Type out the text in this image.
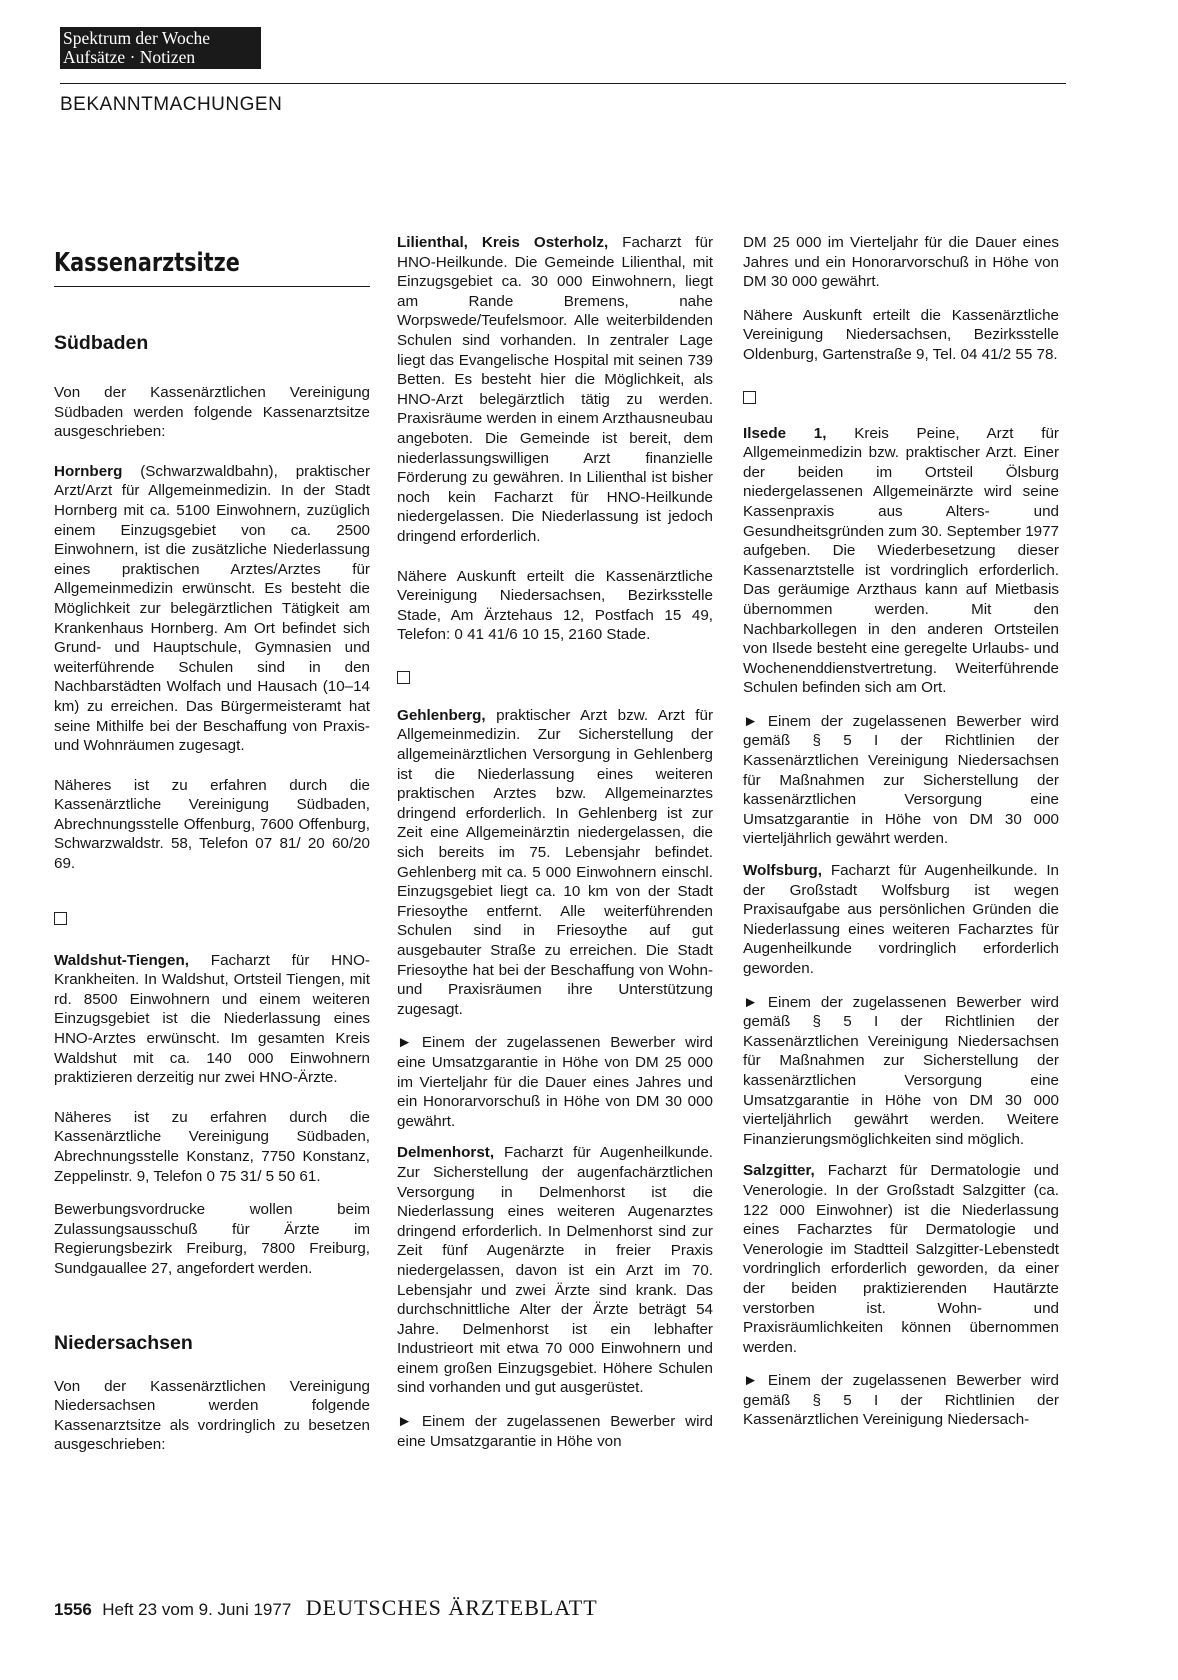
Spektrum der Woche
Aufsätze · Notizen
BEKANNTMACHUNGEN
Kassenarztsitze
Südbaden

Von der Kassenärztlichen Vereinigung Südbaden werden folgende Kassenarztsitze ausgeschrieben:

Hornberg (Schwarzwaldbahn), praktischer Arzt/Arzt für Allgemeinmedizin. In der Stadt Hornberg mit ca. 5100 Einwohnern, zuzüglich einem Einzugsgebiet von ca. 2500 Einwohnern, ist die zusätzliche Niederlassung eines praktischen Arztes/Arztes für Allgemeinmedizin erwünscht. Es besteht die Möglichkeit zur belegärztlichen Tätigkeit am Krankenhaus Hornberg. Am Ort befindet sich Grund- und Hauptschule, Gymnasien und weiterführende Schulen sind in den Nachbarstädten Wolfach und Hausach (10–14 km) zu erreichen. Das Bürgermeisteramt hat seine Mithilfe bei der Beschaffung von Praxis- und Wohnräumen zugesagt.

Näheres ist zu erfahren durch die Kassenärztliche Vereinigung Südbaden, Abrechnungsstelle Offenburg, 7600 Offenburg, Schwarzwaldstr. 58, Telefon 07 81/ 20 60/20 69.

Waldshut-Tiengen, Facharzt für HNO-Krankheiten. In Waldshut, Ortsteil Tiengen, mit rd. 8500 Einwohnern und einem weiteren Einzugsgebiet ist die Niederlassung eines HNO-Arztes erwünscht. Im gesamten Kreis Waldshut mit ca. 140 000 Einwohnern praktizieren derzeitig nur zwei HNO-Ärzte.

Näheres ist zu erfahren durch die Kassenärztliche Vereinigung Südbaden, Abrechnungsstelle Konstanz, 7750 Konstanz, Zeppelinstr. 9, Telefon 0 75 31/ 5 50 61.

Bewerbungsvordrucke wollen beim Zulassungsausschuß für Ärzte im Regierungsbezirk Freiburg, 7800 Freiburg, Sundgauallee 27, angefordert werden.

Niedersachsen

Von der Kassenärztlichen Vereinigung Niedersachsen werden folgende Kassenarztsitze als vordringlich zu besetzen ausgeschrieben:

Lilienthal, Kreis Osterholz, Facharzt für HNO-Heilkunde. Die Gemeinde Lilienthal, mit Einzugsgebiet ca. 30 000 Einwohnern, liegt am Rande Bremens, nahe Worpswede/Teufelsmoor. Alle weiterbildenden Schulen sind vorhanden. In zentraler Lage liegt das Evangelische Hospital mit seinen 739 Betten. Es besteht hier die Möglichkeit, als HNO-Arzt belegärztlich tätig zu werden. Praxisräume werden in einem Arzthausneubau angeboten. Die Gemeinde ist bereit, dem niederlassungswilligen Arzt finanzielle Förderung zu gewähren. In Lilienthal ist bisher noch kein Facharzt für HNO-Heilkunde niedergelassen. Die Niederlassung ist jedoch dringend erforderlich.

Nähere Auskunft erteilt die Kassenärztliche Vereinigung Niedersachsen, Bezirksstelle Stade, Am Ärztehaus 12, Postfach 15 49, Telefon: 0 41 41/6 10 15, 2160 Stade.

Gehlenberg, praktischer Arzt bzw. Arzt für Allgemeinmedizin. Zur Sicherstellung der allgemeinärztlichen Versorgung in Gehlenberg ist die Niederlassung eines weiteren praktischen Arztes bzw. Allgemeinarztes dringend erforderlich. In Gehlenberg ist zur Zeit eine Allgemeinärztin niedergelassen, die sich bereits im 75. Lebensjahr befindet. Gehlenberg mit ca. 5 000 Einwohnern einschl. Einzugsgebiet liegt ca. 10 km von der Stadt Friesoythe entfernt. Alle weiterführenden Schulen sind in Friesoythe auf gut ausgebauter Straße zu erreichen. Die Stadt Friesoythe hat bei der Beschaffung von Wohn- und Praxisräumen ihre Unterstützung zugesagt.

► Einem der zugelassenen Bewerber wird eine Umsatzgarantie in Höhe von DM 25 000 im Vierteljahr für die Dauer eines Jahres und ein Honorarvorschuß in Höhe von DM 30 000 gewährt.

Delmenhorst, Facharzt für Augenheilkunde. Zur Sicherstellung der augenfachärztlichen Versorgung in Delmenhorst ist die Niederlassung eines weiteren Augenarztes dringend erforderlich. In Delmenhorst sind zur Zeit fünf Augenärzte in freier Praxis niedergelassen, davon ist ein Arzt im 70. Lebensjahr und zwei Ärzte sind krank. Das durchschnittliche Alter der Ärzte beträgt 54 Jahre. Delmenhorst ist ein lebhafter Industrieort mit etwa 70 000 Einwohnern und einem großen Einzugsgebiet. Höhere Schulen sind vorhanden und gut ausgerüstet.

► Einem der zugelassenen Bewerber wird eine Umsatzgarantie in Höhe von

DM 25 000 im Vierteljahr für die Dauer eines Jahres und ein Honorarvorschuß in Höhe von DM 30 000 gewährt.

Nähere Auskunft erteilt die Kassenärztliche Vereinigung Niedersachsen, Bezirksstelle Oldenburg, Gartenstraße 9, Tel. 04 41/2 55 78.

Ilsede 1, Kreis Peine, Arzt für Allgemeinmedizin bzw. praktischer Arzt. Einer der beiden im Ortsteil Ölsburg niedergelassenen Allgemeinärzte wird seine Kassenpraxis aus Alters- und Gesundheitsgründen zum 30. September 1977 aufgeben. Die Wiederbesetzung dieser Kassenarztstelle ist vordringlich erforderlich. Das geräumige Arzthaus kann auf Mietbasis übernommen werden. Mit den Nachbarkollegen in den anderen Ortsteilen von Ilsede besteht eine geregelte Urlaubs- und Wochenenddienstvertretung. Weiterführende Schulen befinden sich am Ort.

► Einem der zugelassenen Bewerber wird gemäß § 5 I der Richtlinien der Kassenärztlichen Vereinigung Niedersachsen für Maßnahmen zur Sicherstellung der kassenärztlichen Versorgung eine Umsatzgarantie in Höhe von DM 30 000 vierteljährlich gewährt werden.

Wolfsburg, Facharzt für Augenheilkunde. In der Großstadt Wolfsburg ist wegen Praxisaufgabe aus persönlichen Gründen die Niederlassung eines weiteren Facharztes für Augenheilkunde vordringlich erforderlich geworden.

► Einem der zugelassenen Bewerber wird gemäß § 5 I der Richtlinien der Kassenärztlichen Vereinigung Niedersachsen für Maßnahmen zur Sicherstellung der kassenärztlichen Versorgung eine Umsatzgarantie in Höhe von DM 30 000 vierteljährlich gewährt werden. Weitere Finanzierungsmöglichkeiten sind möglich.

Salzgitter, Facharzt für Dermatologie und Venerologie. In der Großstadt Salzgitter (ca. 122 000 Einwohner) ist die Niederlassung eines Facharztes für Dermatologie und Venerologie im Stadtteil Salzgitter-Lebenstedt vordringlich erforderlich geworden, da einer der beiden praktizierenden Hautärzte verstorben ist. Wohn- und Praxisräumlichkeiten können übernommen werden.

► Einem der zugelassenen Bewerber wird gemäß § 5 I der Richtlinien der Kassenärztlichen Vereinigung Niedersach-

1556 Heft 23 vom 9. Juni 1977 DEUTSCHES ÄRZTEBLATT
